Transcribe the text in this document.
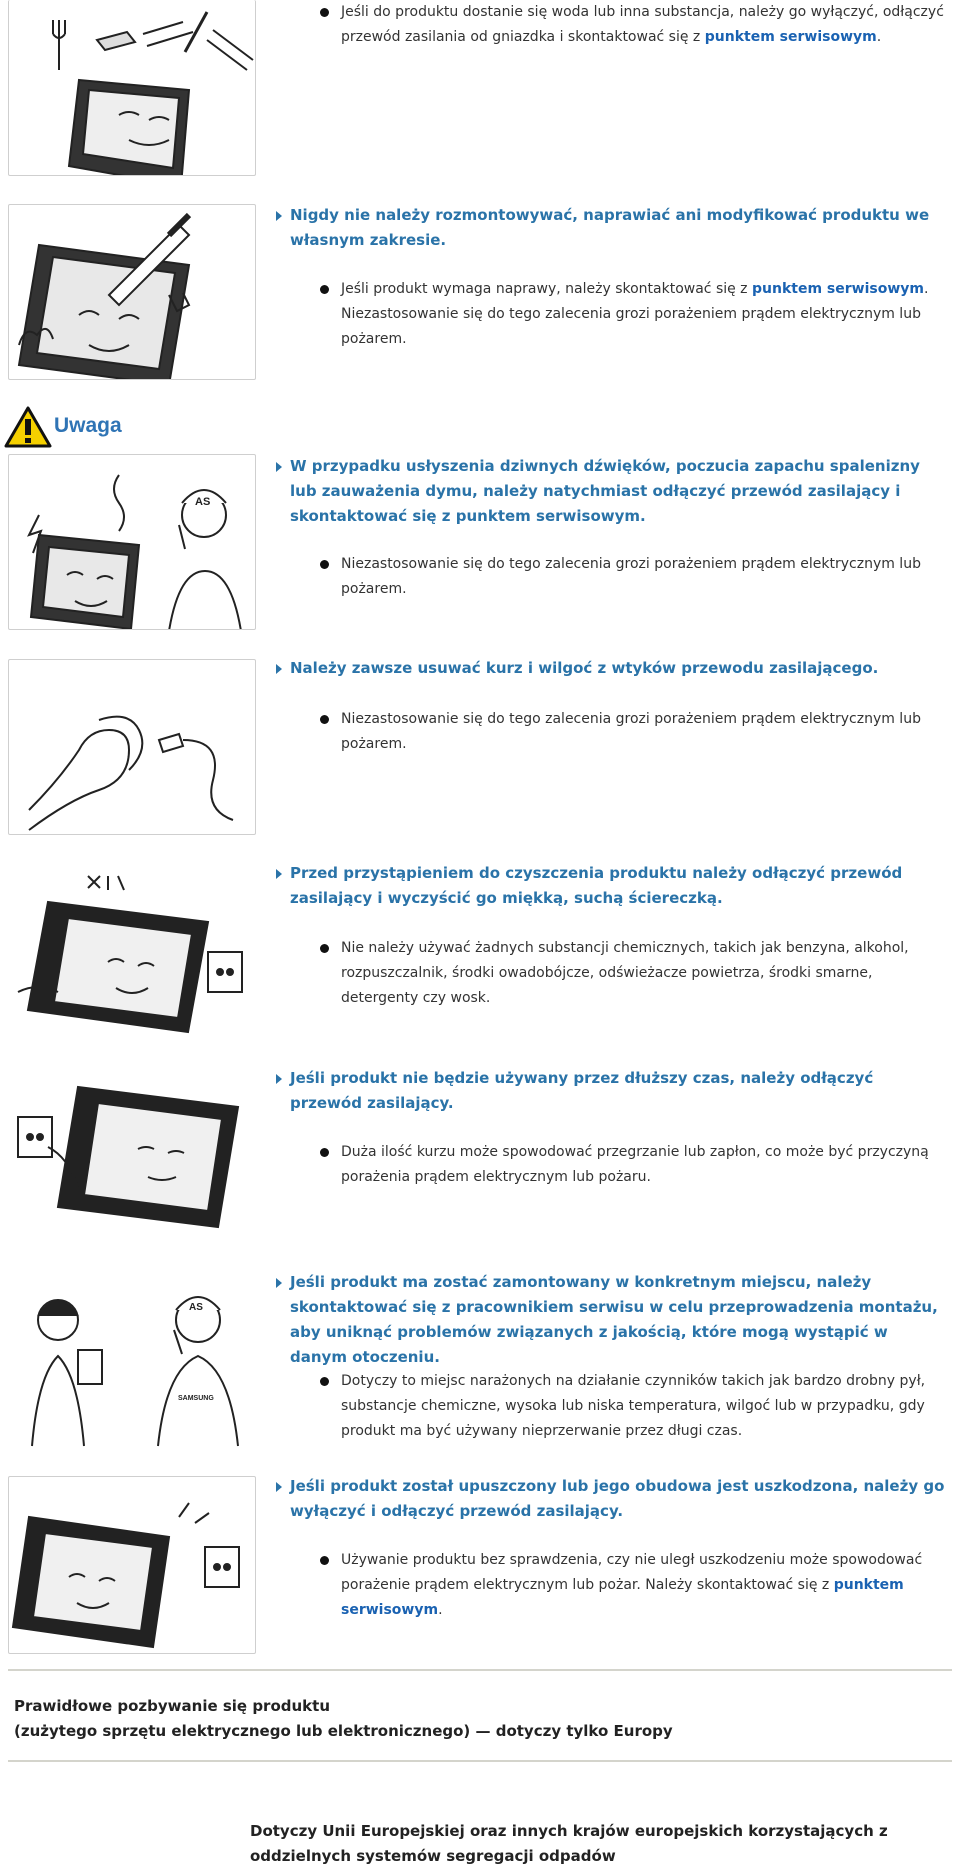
Jeśli do produktu dostanie się woda lub inna substancja, należy go wyłączyć, odłączyć przewód zasilania od gniazdka i skontaktować się z punktem serwisowym.
Nigdy nie należy rozmontowywać, naprawiać ani modyfikować produktu we własnym zakresie.
Jeśli produkt wymaga naprawy, należy skontaktować się z punktem serwisowym. Niezastosowanie się do tego zalecenia grozi porażeniem prądem elektrycznym lub pożarem.
Uwaga
AS
W przypadku usłyszenia dziwnych dźwięków, poczucia zapachu spalenizny lub zauważenia dymu, należy natychmiast odłączyć przewód zasilający i skontaktować się z punktem serwisowym.
Niezastosowanie się do tego zalecenia grozi porażeniem prądem elektrycznym lub pożarem.
Należy zawsze usuwać kurz i wilgoć z wtyków przewodu zasilającego.
Niezastosowanie się do tego zalecenia grozi porażeniem prądem elektrycznym lub pożarem.
Przed przystąpieniem do czyszczenia produktu należy odłączyć przewód zasilający i wyczyścić go miękką, suchą ściereczką.
Nie należy używać żadnych substancji chemicznych, takich jak benzyna, alkohol, rozpuszczalnik, środki owadobójcze, odświeżacze powietrza, środki smarne, detergenty czy wosk.
Jeśli produkt nie będzie używany przez dłuższy czas, należy odłączyć przewód zasilający.
Duża ilość kurzu może spowodować przegrzanie lub zapłon, co może być przyczyną porażenia prądem elektrycznym lub pożaru.
AS
SAMSUNG
Jeśli produkt ma zostać zamontowany w konkretnym miejscu, należy skontaktować się z pracownikiem serwisu w celu przeprowadzenia montażu, aby uniknąć problemów związanych z jakością, które mogą wystąpić w danym otoczeniu.
Dotyczy to miejsc narażonych na działanie czynników takich jak bardzo drobny pył, substancje chemiczne, wysoka lub niska temperatura, wilgoć lub w przypadku, gdy produkt ma być używany nieprzerwanie przez długi czas.
Jeśli produkt został upuszczony lub jego obudowa jest uszkodzona, należy go wyłączyć i odłączyć przewód zasilający.
Używanie produktu bez sprawdzenia, czy nie uległ uszkodzeniu może spowodować porażenie prądem elektrycznym lub pożar. Należy skontaktować się z punktem serwisowym.
Prawidłowe pozbywanie się produktu
(zużytego sprzętu elektrycznego lub elektronicznego) — dotyczy tylko Europy
Dotyczy Unii Europejskiej oraz innych krajów europejskich korzystających z
oddzielnych systemów segregacji odpadów
